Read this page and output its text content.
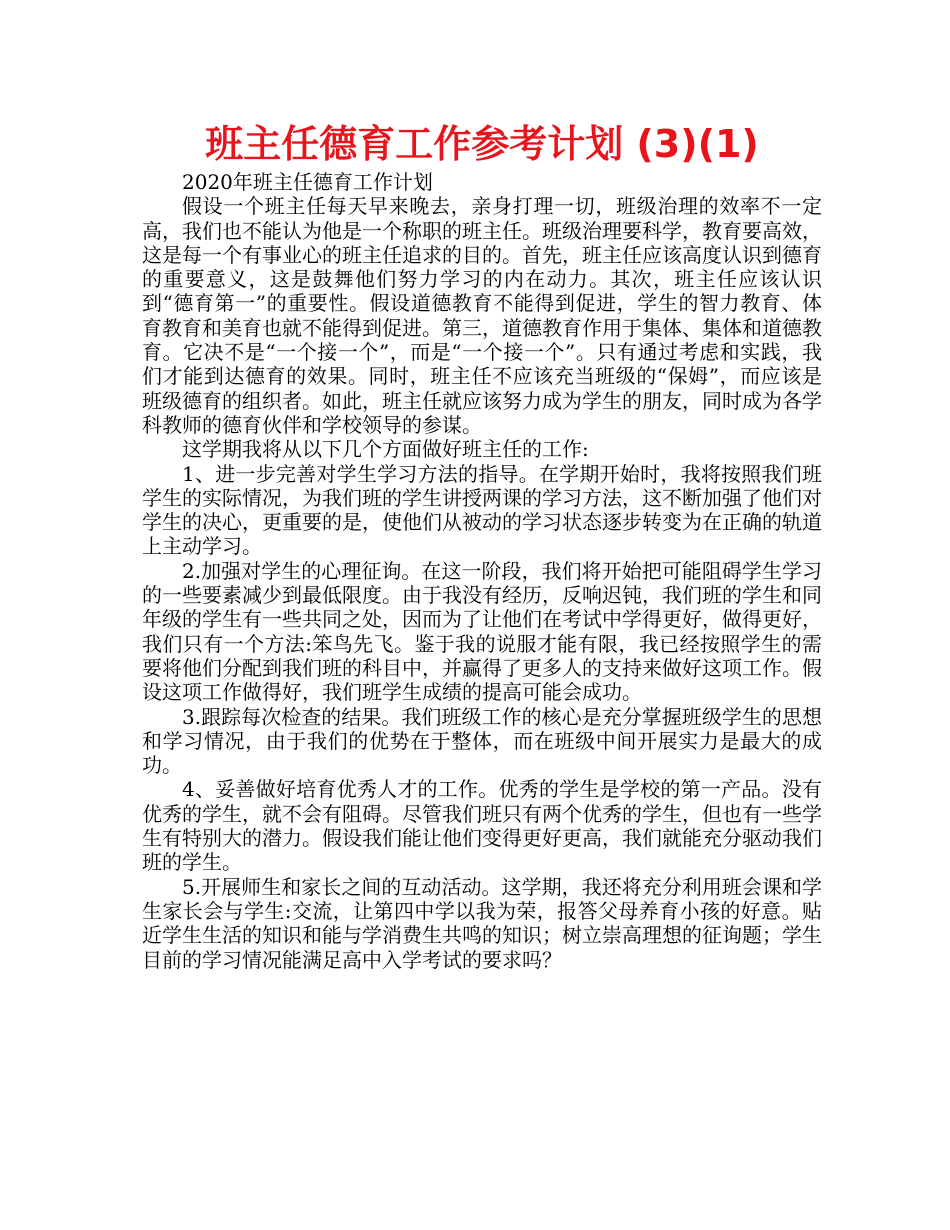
班主任德育工作参考计划 (3)(1)

2020年班主任德育工作计划

假设一个班主任每天早来晚去，亲身打理一切，班级治理的效率不一定高，我们也不能认为他是一个称职的班主任。班级治理要科学，教育要高效，这是每一个有事业心的班主任追求的目的。首先，班主任应该高度认识到德育的重要意义，这是鼓舞他们努力学习的内在动力。其次，班主任应该认识到“德育第一”的重要性。假设道德教育不能得到促进，学生的智力教育、体育教育和美育也就不能得到促进。第三，道德教育作用于集体、集体和道德教育。它决不是“一个接一个”，而是“一个接一个”。只有通过考虑和实践，我们才能到达德育的效果。同时，班主任不应该充当班级的“保姆”，而应该是班级德育的组织者。如此，班主任就应该努力成为学生的朋友，同时成为各学科教师的德育伙伴和学校领导的参谋。

这学期我将从以下几个方面做好班主任的工作:

1、进一步完善对学生学习方法的指导。在学期开始时，我将按照我们班学生的实际情况，为我们班的学生讲授两课的学习方法，这不断加强了他们对学生的决心，更重要的是，使他们从被动的学习状态逐步转变为在正确的轨道上主动学习。

2.加强对学生的心理征询。在这一阶段，我们将开始把可能阻碍学生学习的一些要素减少到最低限度。由于我没有经历，反响迟钝，我们班的学生和同年级的学生有一些共同之处，因而为了让他们在考试中学得更好，做得更好，我们只有一个方法:笨鸟先飞。鉴于我的说服才能有限，我已经按照学生的需要将他们分配到我们班的科目中，并赢得了更多人的支持来做好这项工作。假设这项工作做得好，我们班学生成绩的提高可能会成功。

3.跟踪每次检查的结果。我们班级工作的核心是充分掌握班级学生的思想和学习情况，由于我们的优势在于整体，而在班级中间开展实力是最大的成功。

4、妥善做好培育优秀人才的工作。优秀的学生是学校的第一产品。没有优秀的学生，就不会有阻碍。尽管我们班只有两个优秀的学生，但也有一些学生有特别大的潜力。假设我们能让他们变得更好更高，我们就能充分驱动我们班的学生。

5.开展师生和家长之间的互动活动。这学期，我还将充分利用班会课和学生家长会与学生:交流，让第四中学以我为荣，报答父母养育小孩的好意。贴近学生生活的知识和能与学消费生共鸣的知识；树立崇高理想的征询题；学生目前的学习情况能满足高中入学考试的要求吗？
